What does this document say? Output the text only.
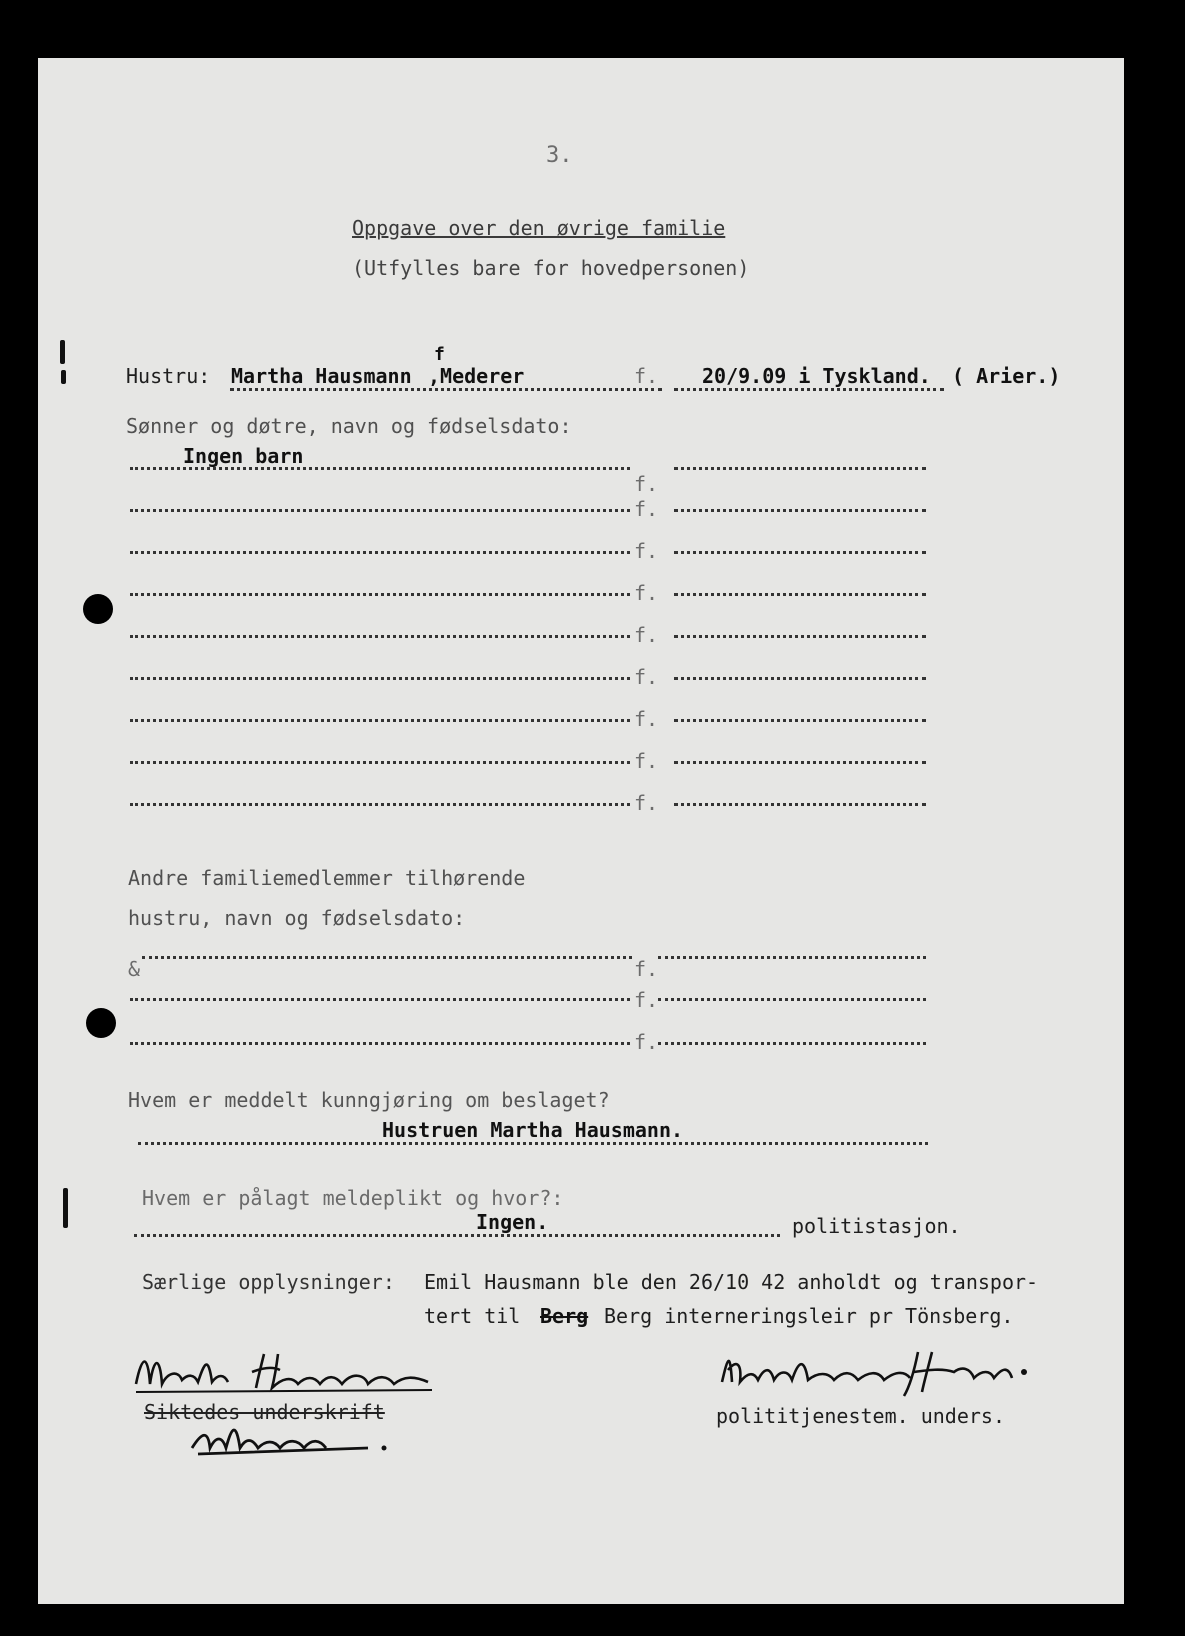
3.
Oppgave over den øvrige familie
(Utfylles bare for hovedpersonen)
Hustru: Martha Hausmann
f
,Mederer	f. 20/9.09 i Tyskland. ( Arier.)
Sønner og døtre, navn og fødselsdato:
Ingen barn
f.
f.
f.
f.
f.
f.
f.
f.
f.
Andre familiemedlemmer tilhørende
hustru, navn og fødselsdato:
&	f.
f.
f.
Hvem er meddelt kunngjøring om beslaget?
Hustruen Martha Hausmann.
Hvem er pålagt meldeplikt og hvor?:
Ingen.	politistasjon.
Særlige opplysninger: Emil Hausmann ble den 26/10 42 anholdt og transpor-
tert til Berg Berg interneringsleir pr Tönsberg.
Siktedes underskrift	polititjenestem. unders.
